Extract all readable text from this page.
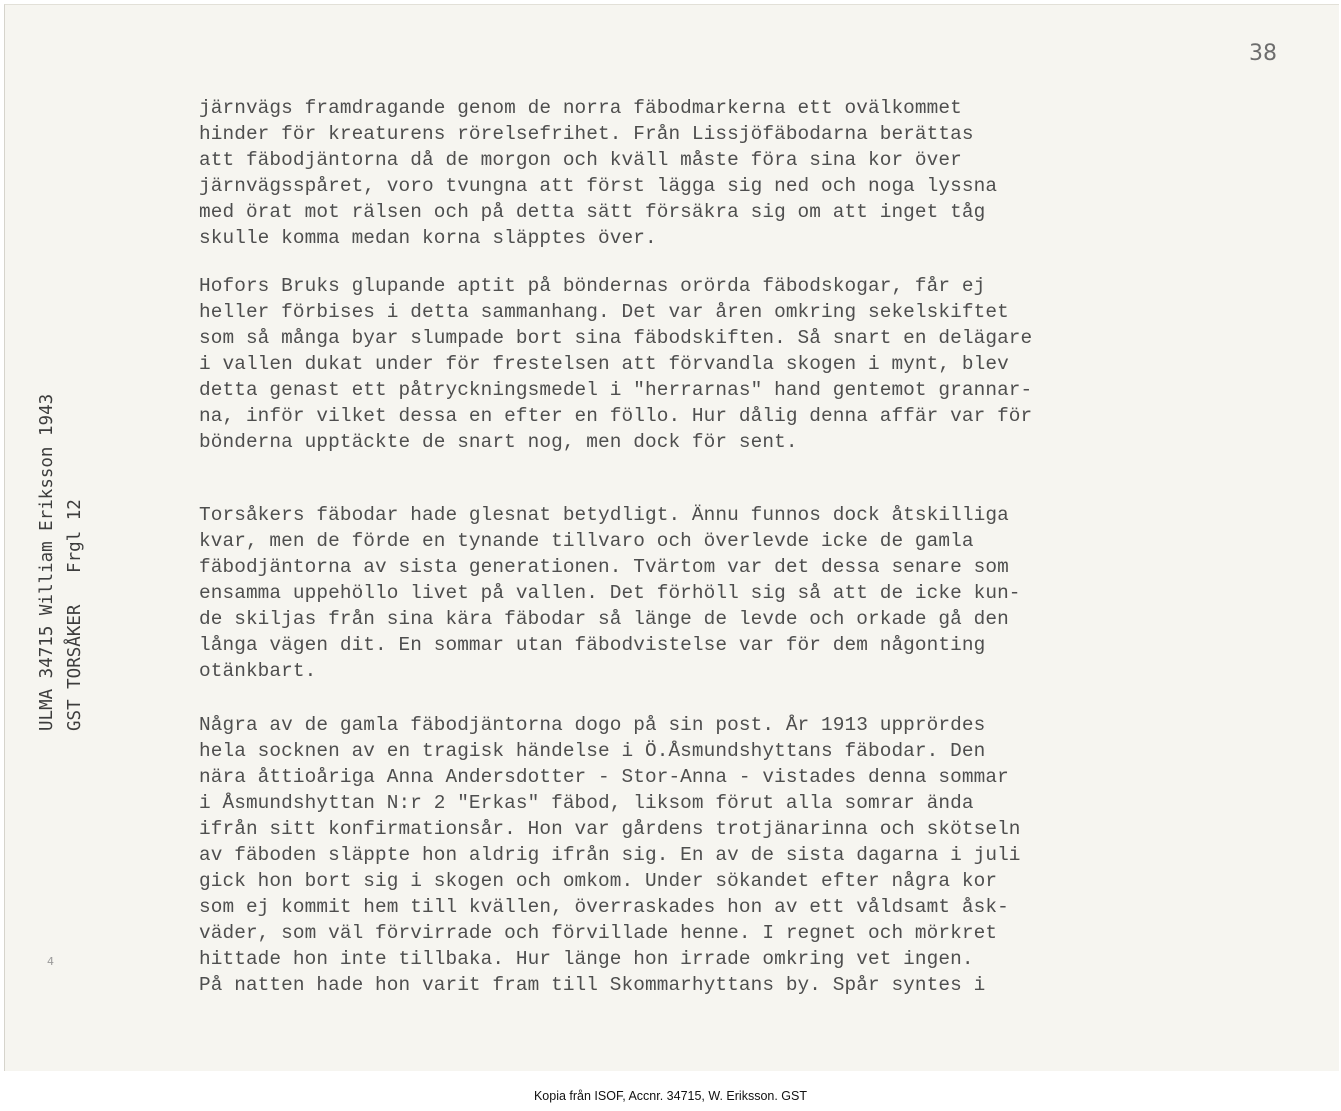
38
ULMA 34715 William Eriksson 1943 GST TORSÅKER   Frgl 12
4
järnvägs framdragande genom de norra fäbodmarkerna ett ovälkommet
hinder för kreaturens rörelsefrihet. Från Lissjöfäbodarna berättas
att fäbodjäntorna då de morgon och kväll måste föra sina kor över
järnvägsspåret, voro tvungna att först lägga sig ned och noga lyssna
med örat mot rälsen och på detta sätt försäkra sig om att inget tåg
skulle komma medan korna släpptes över.
Hofors Bruks glupande aptit på böndernas orörda fäbodskogar, får ej
heller förbises i detta sammanhang. Det var åren omkring sekelskiftet
som så många byar slumpade bort sina fäbodskiften. Så snart en delägare
i vallen dukat under för frestelsen att förvandla skogen i mynt, blev
detta genast ett påtryckningsmedel i "herrarnas" hand gentemot grannar-
na, inför vilket dessa en efter en föllo. Hur dålig denna affär var för
bönderna upptäckte de snart nog, men dock för sent.
Torsåkers fäbodar hade glesnat betydligt. Ännu funnos dock åtskilliga
kvar, men de förde en tynande tillvaro och överlevde icke de gamla
fäbodjäntorna av sista generationen. Tvärtom var det dessa senare som
ensamma uppehöllo livet på vallen. Det förhöll sig så att de icke kun-
de skiljas från sina kära fäbodar så länge de levde och orkade gå den
långa vägen dit. En sommar utan fäbodvistelse var för dem någonting
otänkbart.
Några av de gamla fäbodjäntorna dogo på sin post. År 1913 upprördes
hela socknen av en tragisk händelse i Ö.Åsmundshyttans fäbodar. Den
nära åttioåriga Anna Andersdotter - Stor-Anna - vistades denna sommar
i Åsmundshyttan N:r 2 "Erkas" fäbod, liksom förut alla somrar ända
ifrån sitt konfirmationsår. Hon var gårdens trotjänarinna och skötseln
av fäboden släppte hon aldrig ifrån sig. En av de sista dagarna i juli
gick hon bort sig i skogen och omkom. Under sökandet efter några kor
som ej kommit hem till kvällen, överraskades hon av ett våldsamt åsk-
väder, som väl förvirrade och förvillade henne. I regnet och mörkret
hittade hon inte tillbaka. Hur länge hon irrade omkring vet ingen.
På natten hade hon varit fram till Skommarhyttans by. Spår syntes i
Kopia från ISOF, Accnr. 34715, W. Eriksson. GST
